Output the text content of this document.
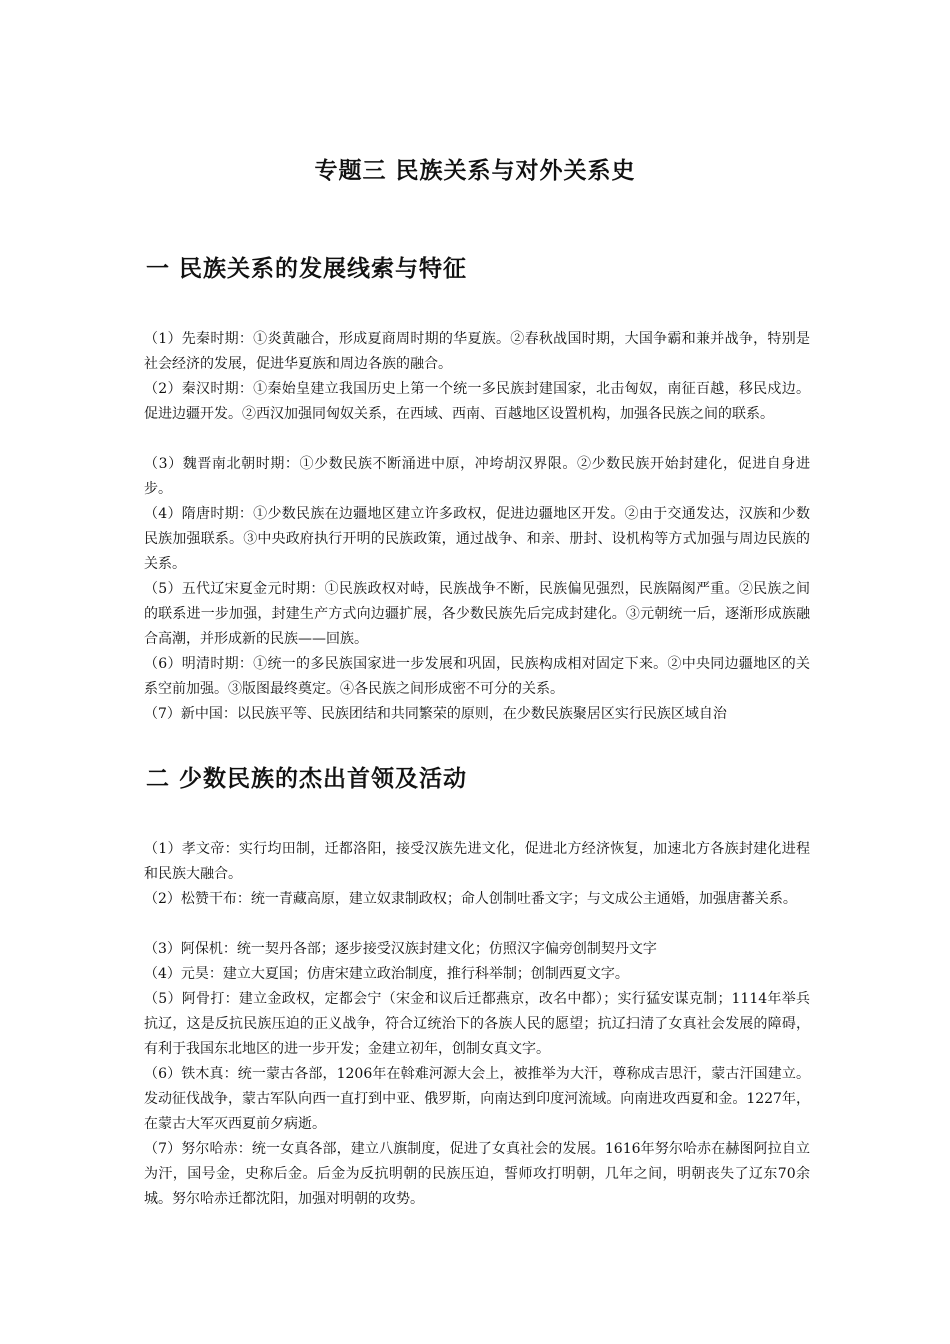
专题三 民族关系与对外关系史
一 民族关系的发展线索与特征

（1）先秦时期：①炎黄融合，形成夏商周时期的华夏族。②春秋战国时期，大国争霸和兼并战争，特别是社会经济的发展，促进华夏族和周边各族的融合。

（2）秦汉时期：①秦始皇建立我国历史上第一个统一多民族封建国家，北击匈奴，南征百越，移民戍边。促进边疆开发。②西汉加强同匈奴关系，在西域、西南、百越地区设置机构，加强各民族之间的联系。

（3）魏晋南北朝时期：①少数民族不断涌进中原，冲垮胡汉界限。②少数民族开始封建化，促进自身进步。

（4）隋唐时期：①少数民族在边疆地区建立许多政权，促进边疆地区开发。②由于交通发达，汉族和少数民族加强联系。③中央政府执行开明的民族政策，通过战争、和亲、册封、设机构等方式加强与周边民族的关系。

（5）五代辽宋夏金元时期：①民族政权对峙，民族战争不断，民族偏见强烈，民族隔阂严重。②民族之间的联系进一步加强，封建生产方式向边疆扩展，各少数民族先后完成封建化。③元朝统一后，逐渐形成族融合高潮，并形成新的民族——回族。

（6）明清时期：①统一的多民族国家进一步发展和巩固，民族构成相对固定下来。②中央同边疆地区的关系空前加强。③版图最终奠定。④各民族之间形成密不可分的关系。

（7）新中国：以民族平等、民族团结和共同繁荣的原则，在少数民族聚居区实行民族区域自治

二 少数民族的杰出首领及活动

（1）孝文帝：实行均田制，迁都洛阳，接受汉族先进文化，促进北方经济恢复，加速北方各族封建化进程和民族大融合。

（2）松赞干布：统一青藏高原，建立奴隶制政权；命人创制吐番文字；与文成公主通婚，加强唐蕃关系。

（3）阿保机：统一契丹各部；逐步接受汉族封建文化；仿照汉字偏旁创制契丹文字

（4）元昊：建立大夏国；仿唐宋建立政治制度，推行科举制；创制西夏文字。

（5）阿骨打：建立金政权，定都会宁（宋金和议后迁都燕京，改名中都）；实行猛安谋克制；1114年举兵抗辽，这是反抗民族压迫的正义战争，符合辽统治下的各族人民的愿望；抗辽扫清了女真社会发展的障碍，有利于我国东北地区的进一步开发；金建立初年，创制女真文字。

（6）铁木真：统一蒙古各部，1206年在斡难河源大会上，被推举为大汗，尊称成吉思汗，蒙古汗国建立。发动征伐战争，蒙古军队向西一直打到中亚、俄罗斯，向南达到印度河流域。向南进攻西夏和金。1227年，在蒙古大军灭西夏前夕病逝。

（7）努尔哈赤：统一女真各部，建立八旗制度，促进了女真社会的发展。1616年努尔哈赤在赫图阿拉自立为汗，国号金，史称后金。后金为反抗明朝的民族压迫，誓师攻打明朝，几年之间，明朝丧失了辽东70余城。努尔哈赤迁都沈阳，加强对明朝的攻势。
